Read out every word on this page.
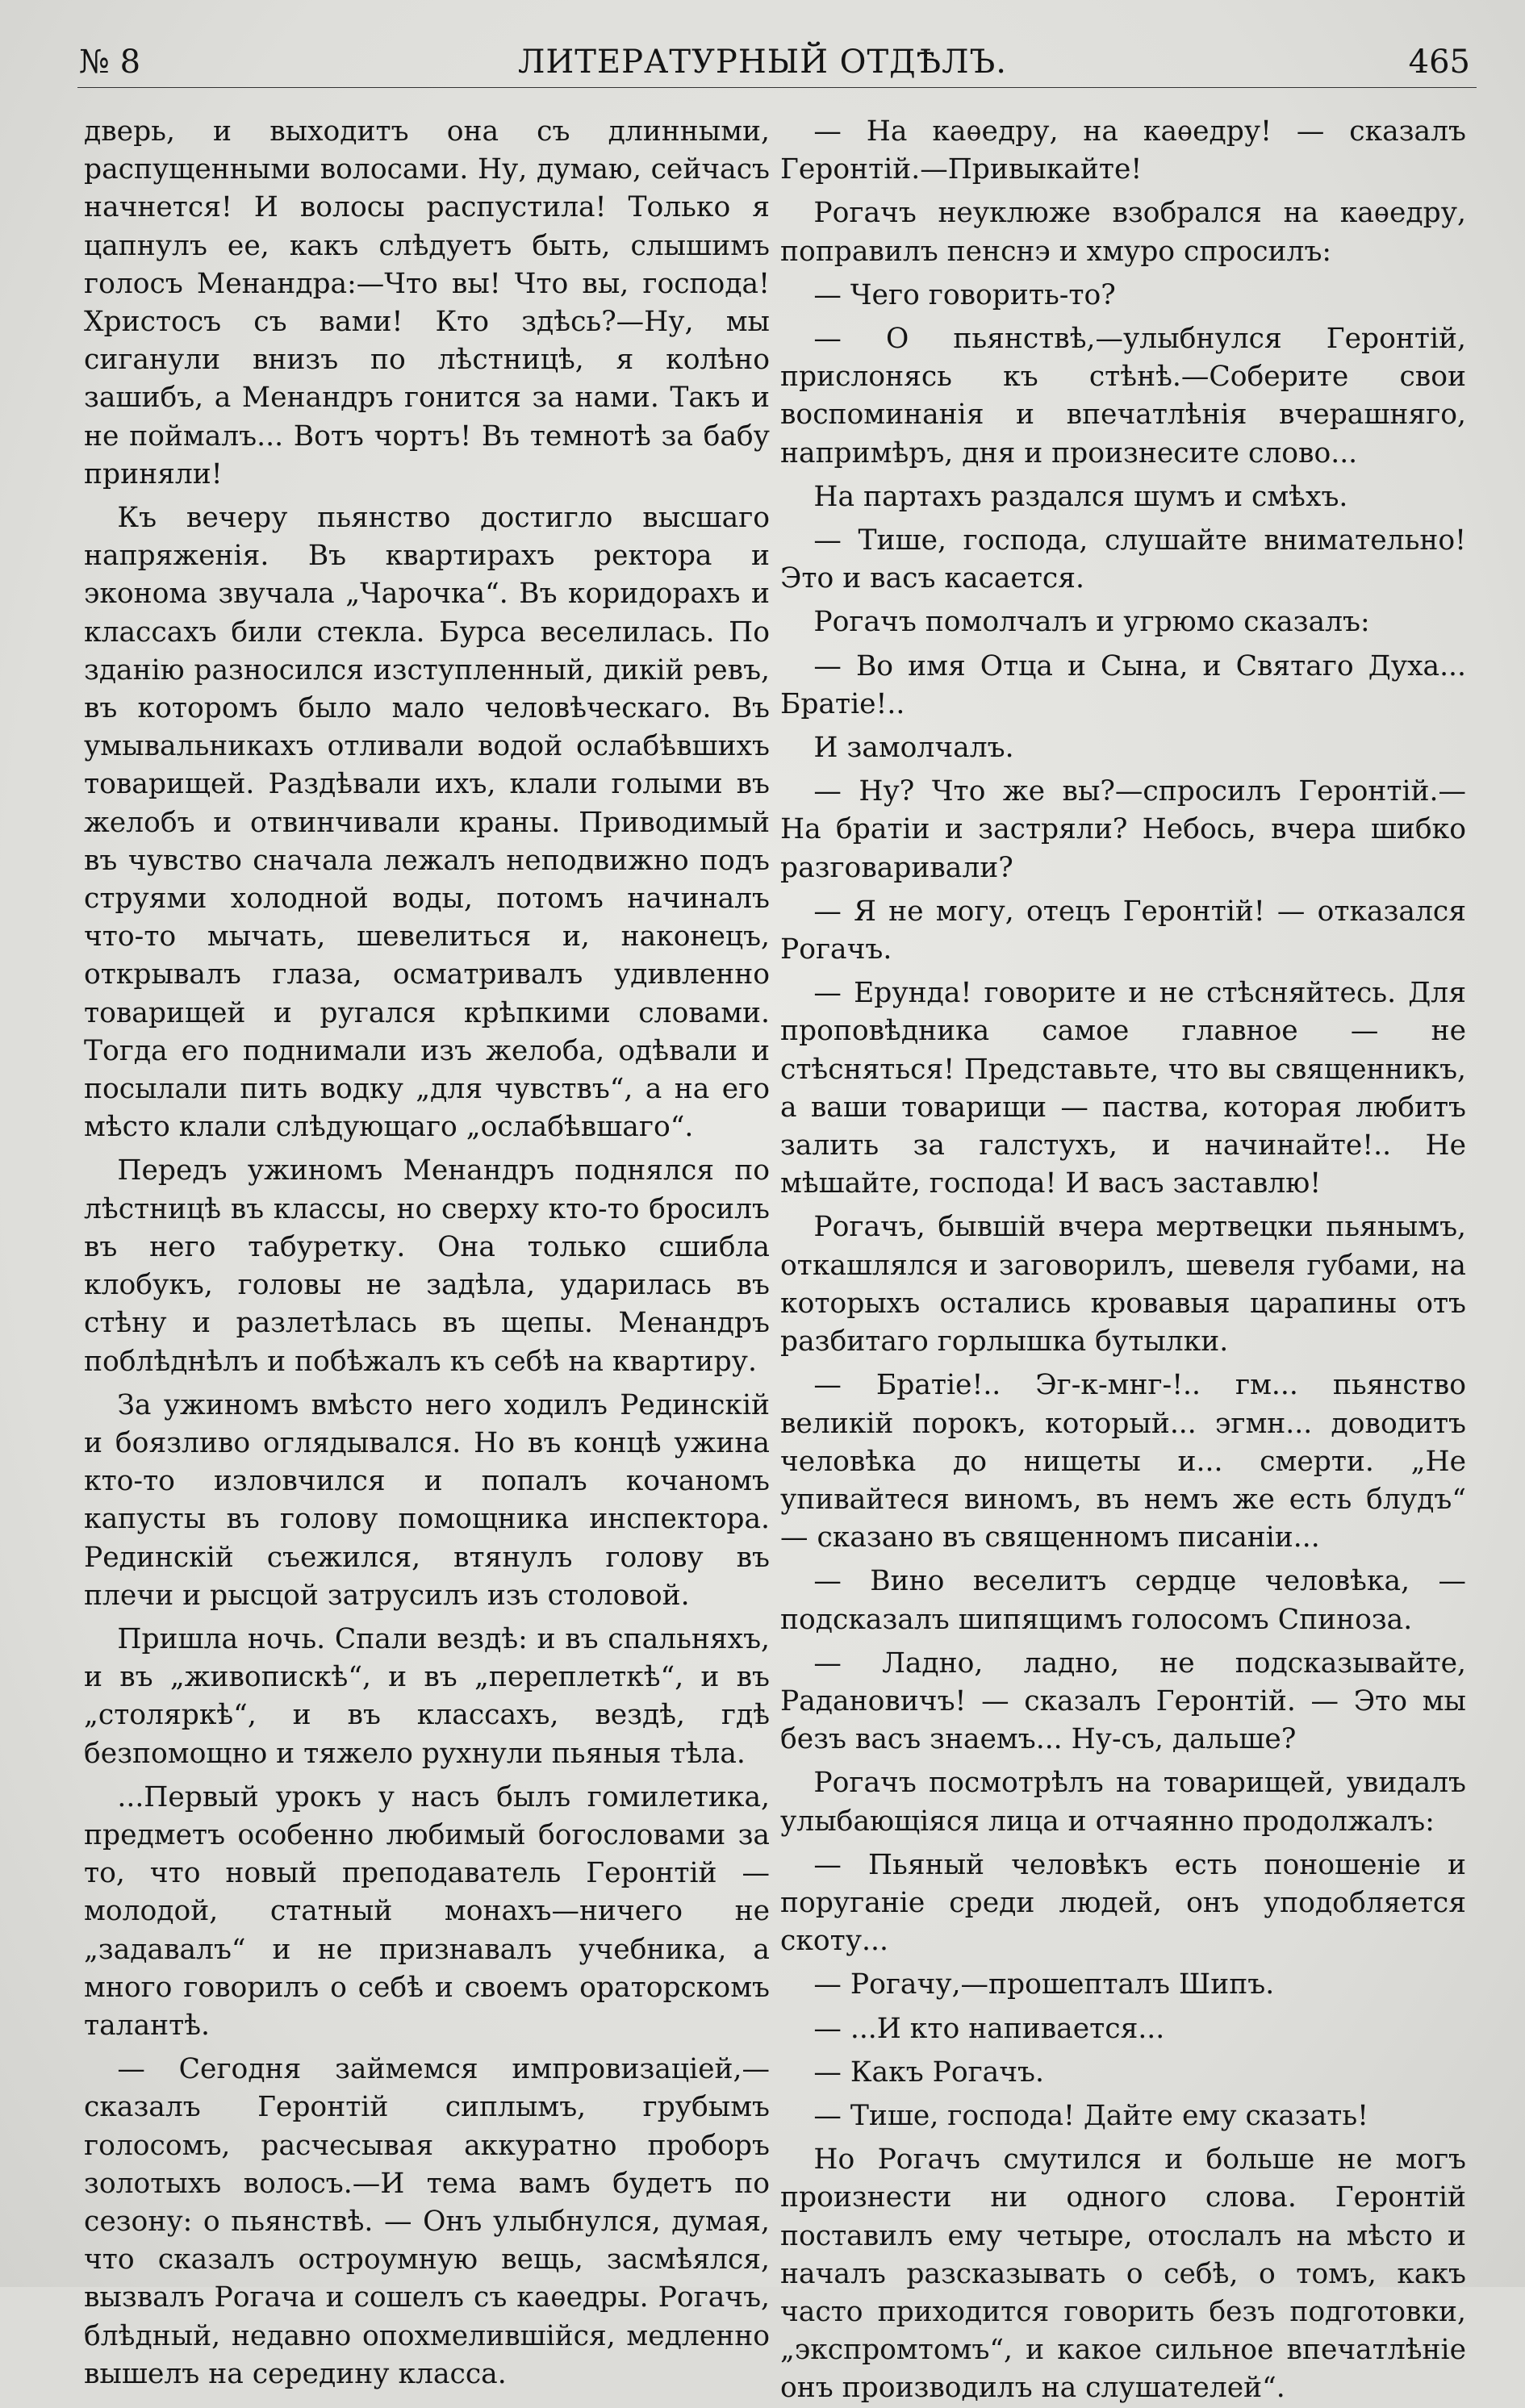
ЛИТЕРАТУРНЫЙ ОТДѢЛЪ.
№ 8	465

дверь, и выходитъ она съ длинными, распущенными волосами. Ну, думаю, сейчасъ начнется! И волосы распустила! Только я цапнулъ ее, какъ слѣдуетъ быть, слышимъ голосъ Менандра:—Что вы! Что вы, господа! Христосъ съ вами! Кто здѣсь?—Ну, мы сиганули внизъ по лѣстницѣ, я колѣно зашибъ, а Менандръ гонится за нами. Такъ и не поймалъ... Вотъ чортъ! Въ темнотѣ за бабу приняли!

Къ вечеру пьянство достигло высшаго напряженія. Въ квартирахъ ректора и эконома звучала „Чарочка“. Въ коридорахъ и классахъ били стекла. Бурса веселилась. По зданію разносился изступленный, дикій ревъ, въ которомъ было мало человѣческаго. Въ умывальникахъ отливали водой ослабѣвшихъ товарищей. Раздѣвали ихъ, клали голыми въ желобъ и отвинчивали краны. Приводимый въ чувство сначала лежалъ неподвижно подъ струями холодной воды, потомъ начиналъ что-то мычать, шевелиться и, наконецъ, открывалъ глаза, осматривалъ удивленно товарищей и ругался крѣпкими словами. Тогда его поднимали изъ желоба, одѣвали и посылали пить водку „для чувствъ“, а на его мѣсто клали слѣдующаго „ослабѣвшаго“.

Передъ ужиномъ Менандръ поднялся по лѣстницѣ въ классы, но сверху кто-то бросилъ въ него табуретку. Она только сшибла клобукъ, головы не задѣла, ударилась въ стѣну и разлетѣлась въ щепы. Менандръ поблѣднѣлъ и побѣжалъ къ себѣ на квартиру.

За ужиномъ вмѣсто него ходилъ Рединскій и боязливо оглядывался. Но въ концѣ ужина кто-то изловчился и попалъ кочаномъ капусты въ голову помощника инспектора. Рединскій съежился, втянулъ голову въ плечи и рысцой затрусилъ изъ столовой.

Пришла ночь. Спали вездѣ: и въ спальняхъ, и въ „живопискѣ“, и въ „переплеткѣ“, и въ „столяркѣ“, и въ классахъ, вездѣ, гдѣ безпомощно и тяжело рухнули пьяныя тѣла.

...Первый урокъ у насъ былъ гомилетика, предметъ особенно любимый богословами за то, что новый преподаватель Геронтій — молодой, статный монахъ—ничего не „задавалъ“ и не признавалъ учебника, а много говорилъ о себѣ и своемъ ораторскомъ талантѣ.

— Сегодня займемся импровизаціей,— сказалъ Геронтій сиплымъ, грубымъ голосомъ, расчесывая аккуратно проборъ золотыхъ волосъ.—И тема вамъ будетъ по сезону: о пьянствѣ. — Онъ улыбнулся, думая, что сказалъ остроумную вещь, засмѣялся, вызвалъ Рогача и сошелъ съ каѳедры. Рогачъ, блѣдный, недавно опохмелившійся, медленно вышелъ на середину класса.

— На каѳедру, на каѳедру! — сказалъ Геронтій.—Привыкайте!

Рогачъ неуклюже взобрался на каѳедру, поправилъ пенснэ и хмуро спросилъ:

— Чего говорить-то?

— О пьянствѣ,—улыбнулся Геронтій, прислонясь къ стѣнѣ.—Соберите свои воспоминанія и впечатлѣнія вчерашняго, напримѣръ, дня и произнесите слово...

На партахъ раздался шумъ и смѣхъ.

— Тише, господа, слушайте внимательно! Это и васъ касается.

Рогачъ помолчалъ и угрюмо сказалъ:

— Во имя Отца и Сына, и Святаго Духа... Братіе!..

И замолчалъ.

— Ну? Что же вы?—спросилъ Геронтій.— На братіи и застряли? Небось, вчера шибко разговаривали?

— Я не могу, отецъ Геронтій! — отказался Рогачъ.

— Ерунда! говорите и не стѣсняйтесь. Для проповѣдника самое главное — не стѣсняться! Представьте, что вы священникъ, а ваши товарищи — паства, которая любитъ залить за галстухъ, и начинайте!.. Не мѣшайте, господа! И васъ заставлю!

Рогачъ, бывшій вчера мертвецки пьянымъ, откашлялся и заговорилъ, шевеля губами, на которыхъ остались кровавыя царапины отъ разбитаго горлышка бутылки.

— Братіе!.. Эг-к-мнг-!.. гм... пьянство великій порокъ, который... эгмн... доводитъ человѣка до нищеты и... смерти. „Не упивайтеся виномъ, въ немъ же есть блудъ“ — сказано въ священномъ писаніи...

— Вино веселитъ сердце человѣка, — подсказалъ шипящимъ голосомъ Спиноза.

— Ладно, ладно, не подсказывайте, Радановичъ! — сказалъ Геронтій. — Это мы безъ васъ знаемъ... Ну-съ, дальше?

Рогачъ посмотрѣлъ на товарищей, увидалъ улыбающіяся лица и отчаянно продолжалъ:

— Пьяный человѣкъ есть поношеніе и поруганіе среди людей, онъ уподобляется скоту...

— Рогачу,—прошепталъ Шипъ.

— ...И кто напивается...

— Какъ Рогачъ.

— Тише, господа! Дайте ему сказать!

Но Рогачъ смутился и больше не могъ произнести ни одного слова. Геронтій поставилъ ему четыре, отослалъ на мѣсто и началъ разсказывать о себѣ, о томъ, какъ часто приходится говорить безъ подготовки, „экспромтомъ“, и какое сильное впечатлѣніе онъ производилъ на слушателей“.
